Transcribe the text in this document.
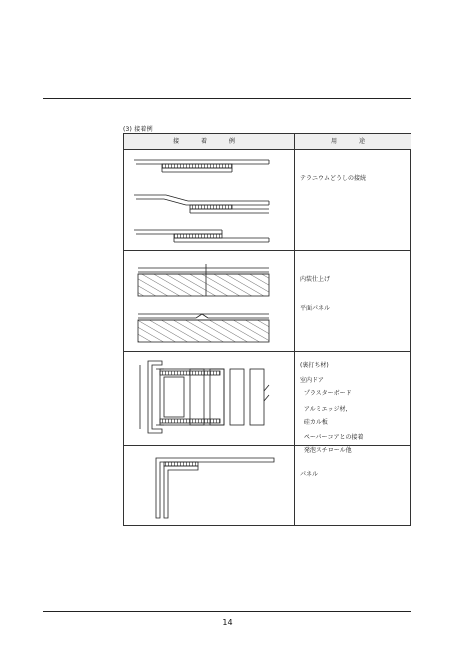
(3) 接着例
接 着 例	用 途

テラニウムどうしの接続

内装仕上げ

平面パネル

(裏打ち材)

プラスターボード

硅カル板

発泡スチロール他

室内ドア

アルミエッジ材,

ペーパーコアとの接着

パネル

14
